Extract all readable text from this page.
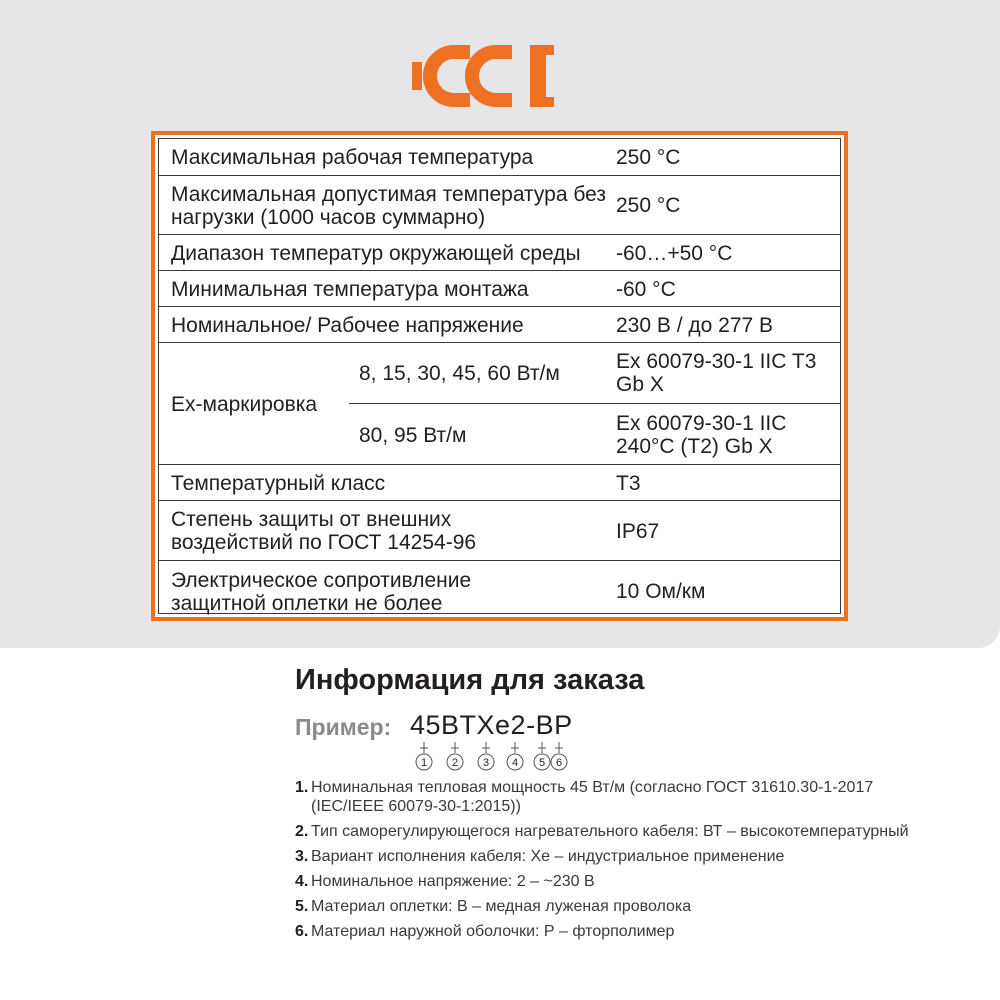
Максимальная рабочая температура	250 °С
Максимальная допустимая температура без нагрузки (1000 часов суммарно)	250 °С
Диапазон температур окружающей среды	-60…+50 °С
Минимальная температура монтажа	-60 °С
Номинальное/ Рабочее напряжение	230 В / до 277 В
Ех-маркировка
8, 15, 30, 45, 60 Вт/м	Ex 60079-30-1 IIC T3 Gb X
80, 95 Вт/м	Ex 60079-30-1 IIC 240°C (T2) Gb X
Температурный класс	Т3
Степень защиты от внешних воздействий по ГОСТ 14254-96	IP67
Электрическое сопротивление защитной оплетки не более	10 Ом/км
Информация для заказа
Пример: 45BTXe2-BP
1 2 3 4 5 6
1. Номинальная тепловая мощность 45 Вт/м (согласно ГОСТ 31610.30-1-2017 (IEC/IEEE 60079-30-1:2015))
2. Тип саморегулирующегося нагревательного кабеля: ВТ – высокотемпературный
3. Вариант исполнения кабеля: Хе – индустриальное применение
4. Номинальное напряжение: 2 – ~230 В
5. Материал оплетки: В – медная луженая проволока
6. Материал наружной оболочки: Р – фторполимер
